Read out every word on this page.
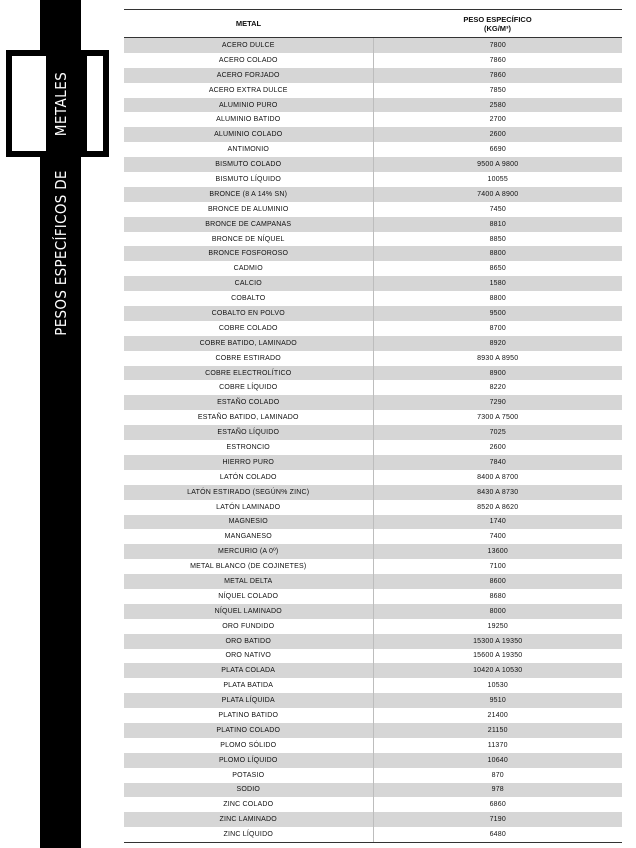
METALES
PESOS ESPECÍFICOS DE
METAL	PESO ESPECÍFICO
(KG/M³)
ACERO DULCE	7800
ACERO COLADO	7860
ACERO FORJADO	7860
ACERO EXTRA DULCE	7850
ALUMINIO PURO	2580
ALUMINIO BATIDO	2700
ALUMINIO COLADO	2600
ANTIMONIO	6690
BISMUTO COLADO	9500 A 9800
BISMUTO LÍQUIDO	10055
BRONCE (8 A 14% SN)	7400 A 8900
BRONCE DE ALUMINIO	7450
BRONCE DE CAMPANAS	8810
BRONCE DE NÍQUEL	8850
BRONCE FOSFOROSO	8800
CADMIO	8650
CALCIO	1580
COBALTO	8800
COBALTO EN POLVO	9500
COBRE COLADO	8700
COBRE BATIDO, LAMINADO	8920
COBRE ESTIRADO	8930 A 8950
COBRE ELECTROLÍTICO	8900
COBRE LÍQUIDO	8220
ESTAÑO COLADO	7290
ESTAÑO BATIDO, LAMINADO	7300 A 7500
ESTAÑO LÍQUIDO	7025
ESTRONCIO	2600
HIERRO PURO	7840
LATÓN COLADO	8400 A 8700
LATÓN ESTIRADO (SEGÚN% ZINC)	8430 A 8730
LATÓN LAMINADO	8520 A 8620
MAGNESIO	1740
MANGANESO	7400
MERCURIO (A 0º)	13600
METAL BLANCO (DE COJINETES)	7100
METAL DELTA	8600
NÍQUEL COLADO	8680
NÍQUEL LAMINADO	8000
ORO FUNDIDO	19250
ORO BATIDO	15300 A 19350
ORO NATIVO	15600 A 19350
PLATA COLADA	10420 A 10530
PLATA BATIDA	10530
PLATA LÍQUIDA	9510
PLATINO BATIDO	21400
PLATINO COLADO	21150
PLOMO SÓLIDO	11370
PLOMO LÍQUIDO	10640
POTASIO	870
SODIO	978
ZINC COLADO	6860
ZINC LAMINADO	7190
ZINC LÍQUIDO	6480
